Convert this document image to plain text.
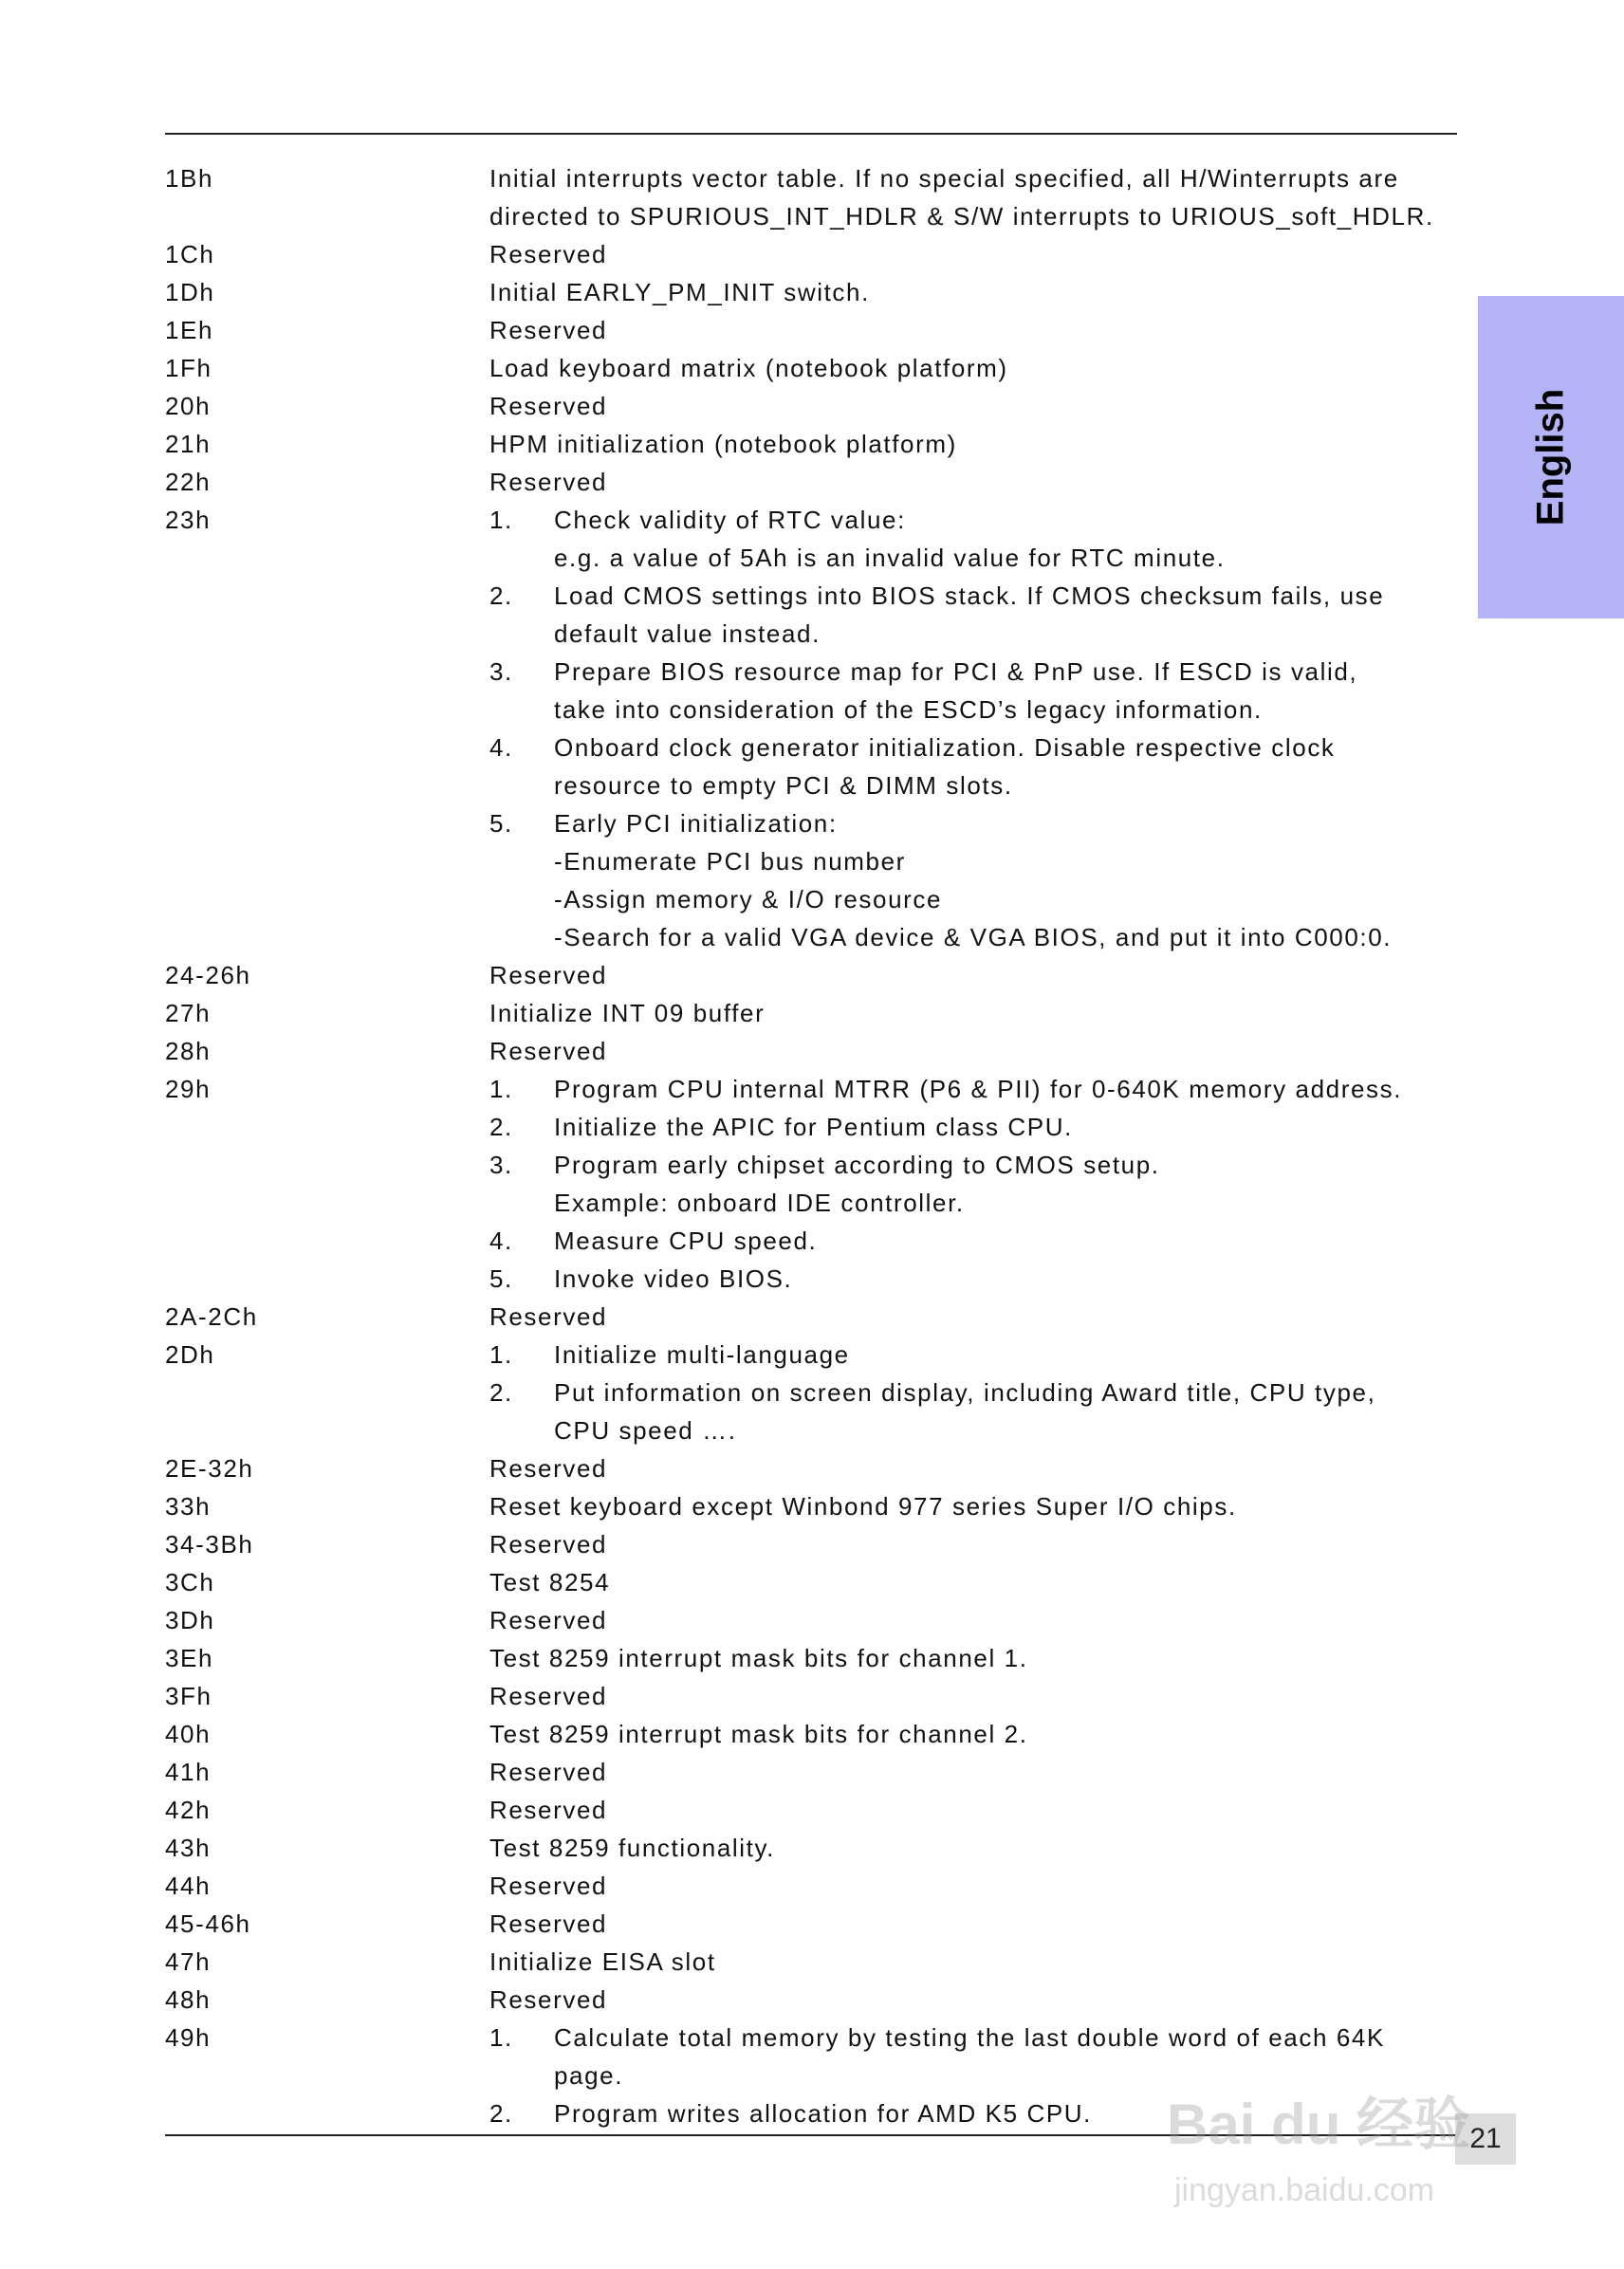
English
1Bh	Initial interrupts vector table. If no special specified, all H/Winterrupts are
directed to SPURIOUS_INT_HDLR & S/W interrupts to URIOUS_soft_HDLR.
1Ch	Reserved
1Dh	Initial EARLY_PM_INIT switch.
1Eh	Reserved
1Fh	Load keyboard matrix (notebook platform)
20h	Reserved
21h	HPM initialization (notebook platform)
22h	Reserved
23h	1.	Check validity of RTC value:
e.g. a value of 5Ah is an invalid value for RTC minute.
2.	Load CMOS settings into BIOS stack. If CMOS checksum fails, use
default value instead.
3.	Prepare BIOS resource map for PCI & PnP use. If ESCD is valid,
take into consideration of the ESCD’s legacy information.
4.	Onboard clock generator initialization. Disable respective clock
resource to empty PCI & DIMM slots.
5.	Early PCI initialization:
-Enumerate PCI bus number
-Assign memory & I/O resource
-Search for a valid VGA device & VGA BIOS, and put it into C000:0.
24-26h	Reserved
27h	Initialize INT 09 buffer
28h	Reserved
29h	1.	Program CPU internal MTRR (P6 & PII) for 0-640K memory address.
2.	Initialize the APIC for Pentium class CPU.
3.	Program early chipset according to CMOS setup.
Example: onboard IDE controller.
4.	Measure CPU speed.
5.	Invoke video BIOS.
2A-2Ch	Reserved
2Dh	1.	Initialize multi-language
2.	Put information on screen display, including Award title, CPU type,
CPU speed ….
2E-32h	Reserved
33h	Reset keyboard except Winbond 977 series Super I/O chips.
34-3Bh	Reserved
3Ch	Test 8254
3Dh	Reserved
3Eh	Test 8259 interrupt mask bits for channel 1.
3Fh	Reserved
40h	Test 8259 interrupt mask bits for channel 2.
41h	Reserved
42h	Reserved
43h	Test 8259 functionality.
44h	Reserved
45-46h	Reserved
47h	Initialize EISA slot
48h	Reserved
49h	1.	Calculate total memory by testing the last double word of each 64K
page.
2.	Program writes allocation for AMD K5 CPU.
21
Bai du 经验
jingyan.baidu.com
